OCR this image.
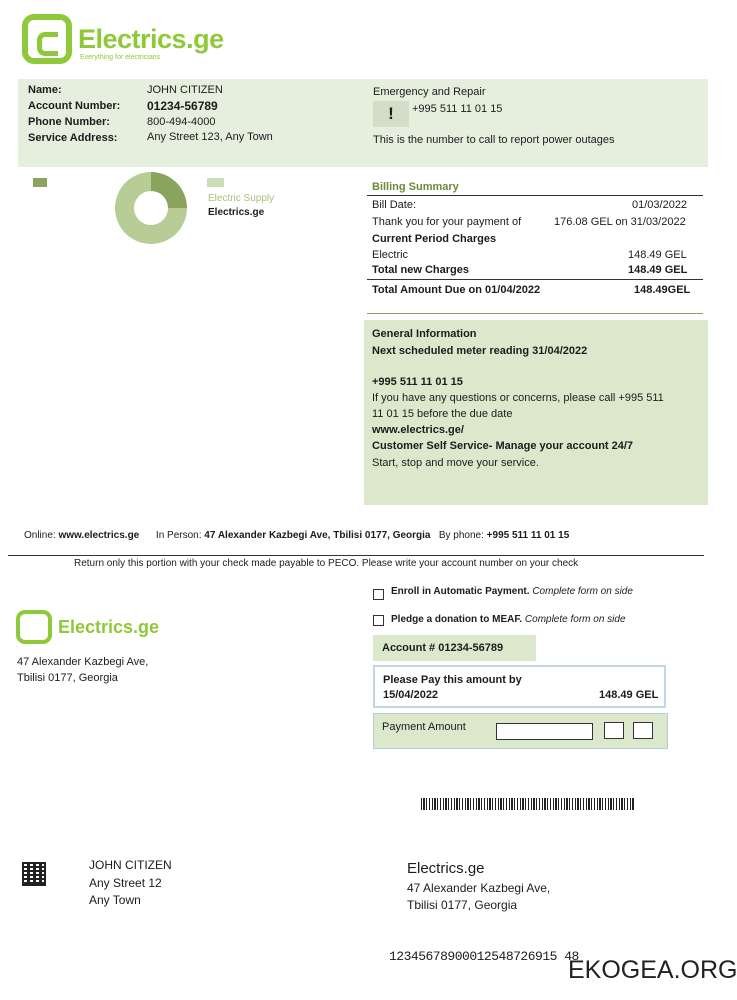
Electrics.ge
Everything for electricians
Name:	JOHN CITIZEN
Account Number: 01234-56789
Phone Number:	800-494-4000
Service Address:	Any Street 123, Any Town
Emergency and Repair
!	+995 511 11 01 15
This is the number to call to report power outages
Electric Supply
Electrics.ge
Billing Summary
Bill Date:	01/03/2022
Thank you for your payment of	176.08 GEL on 31/03/2022
Current Period Charges
Electric	148.49 GEL
Total new Charges	148.49 GEL
Total Amount Due on 01/04/2022	148.49GEL
General Information
Next scheduled meter reading 31/04/2022
+995 511 11 01 15
If you have any questions or concerns, please call +995 511
11 01 15 before the due date
www.electrics.ge/
Customer Self Service- Manage your account 24/7
Start, stop and move your service.
Online: www.electrics.ge In Person: 47 Alexander Kazbegi Ave, Tbilisi 0177, Georgia By phone: +995 511 11 01 15
Return only this portion with your check made payable to PECO. Please write your account number on your check
Electrics.ge
47 Alexander Kazbegi Ave,
Tbilisi 0177, Georgia
Enroll in Automatic Payment. Complete form on side
Pledge a donation to MEAF. Complete form on side
Account # 01234-56789
Please Pay this amount by
15/04/2022	148.49 GEL
Payment Amount
JOHN CITIZEN
Any Street 12
Any Town
Electrics.ge
47 Alexander Kazbegi Ave,
Tbilisi 0177, Georgia
12345678900012548726915 48
EKOGEA.ORG
